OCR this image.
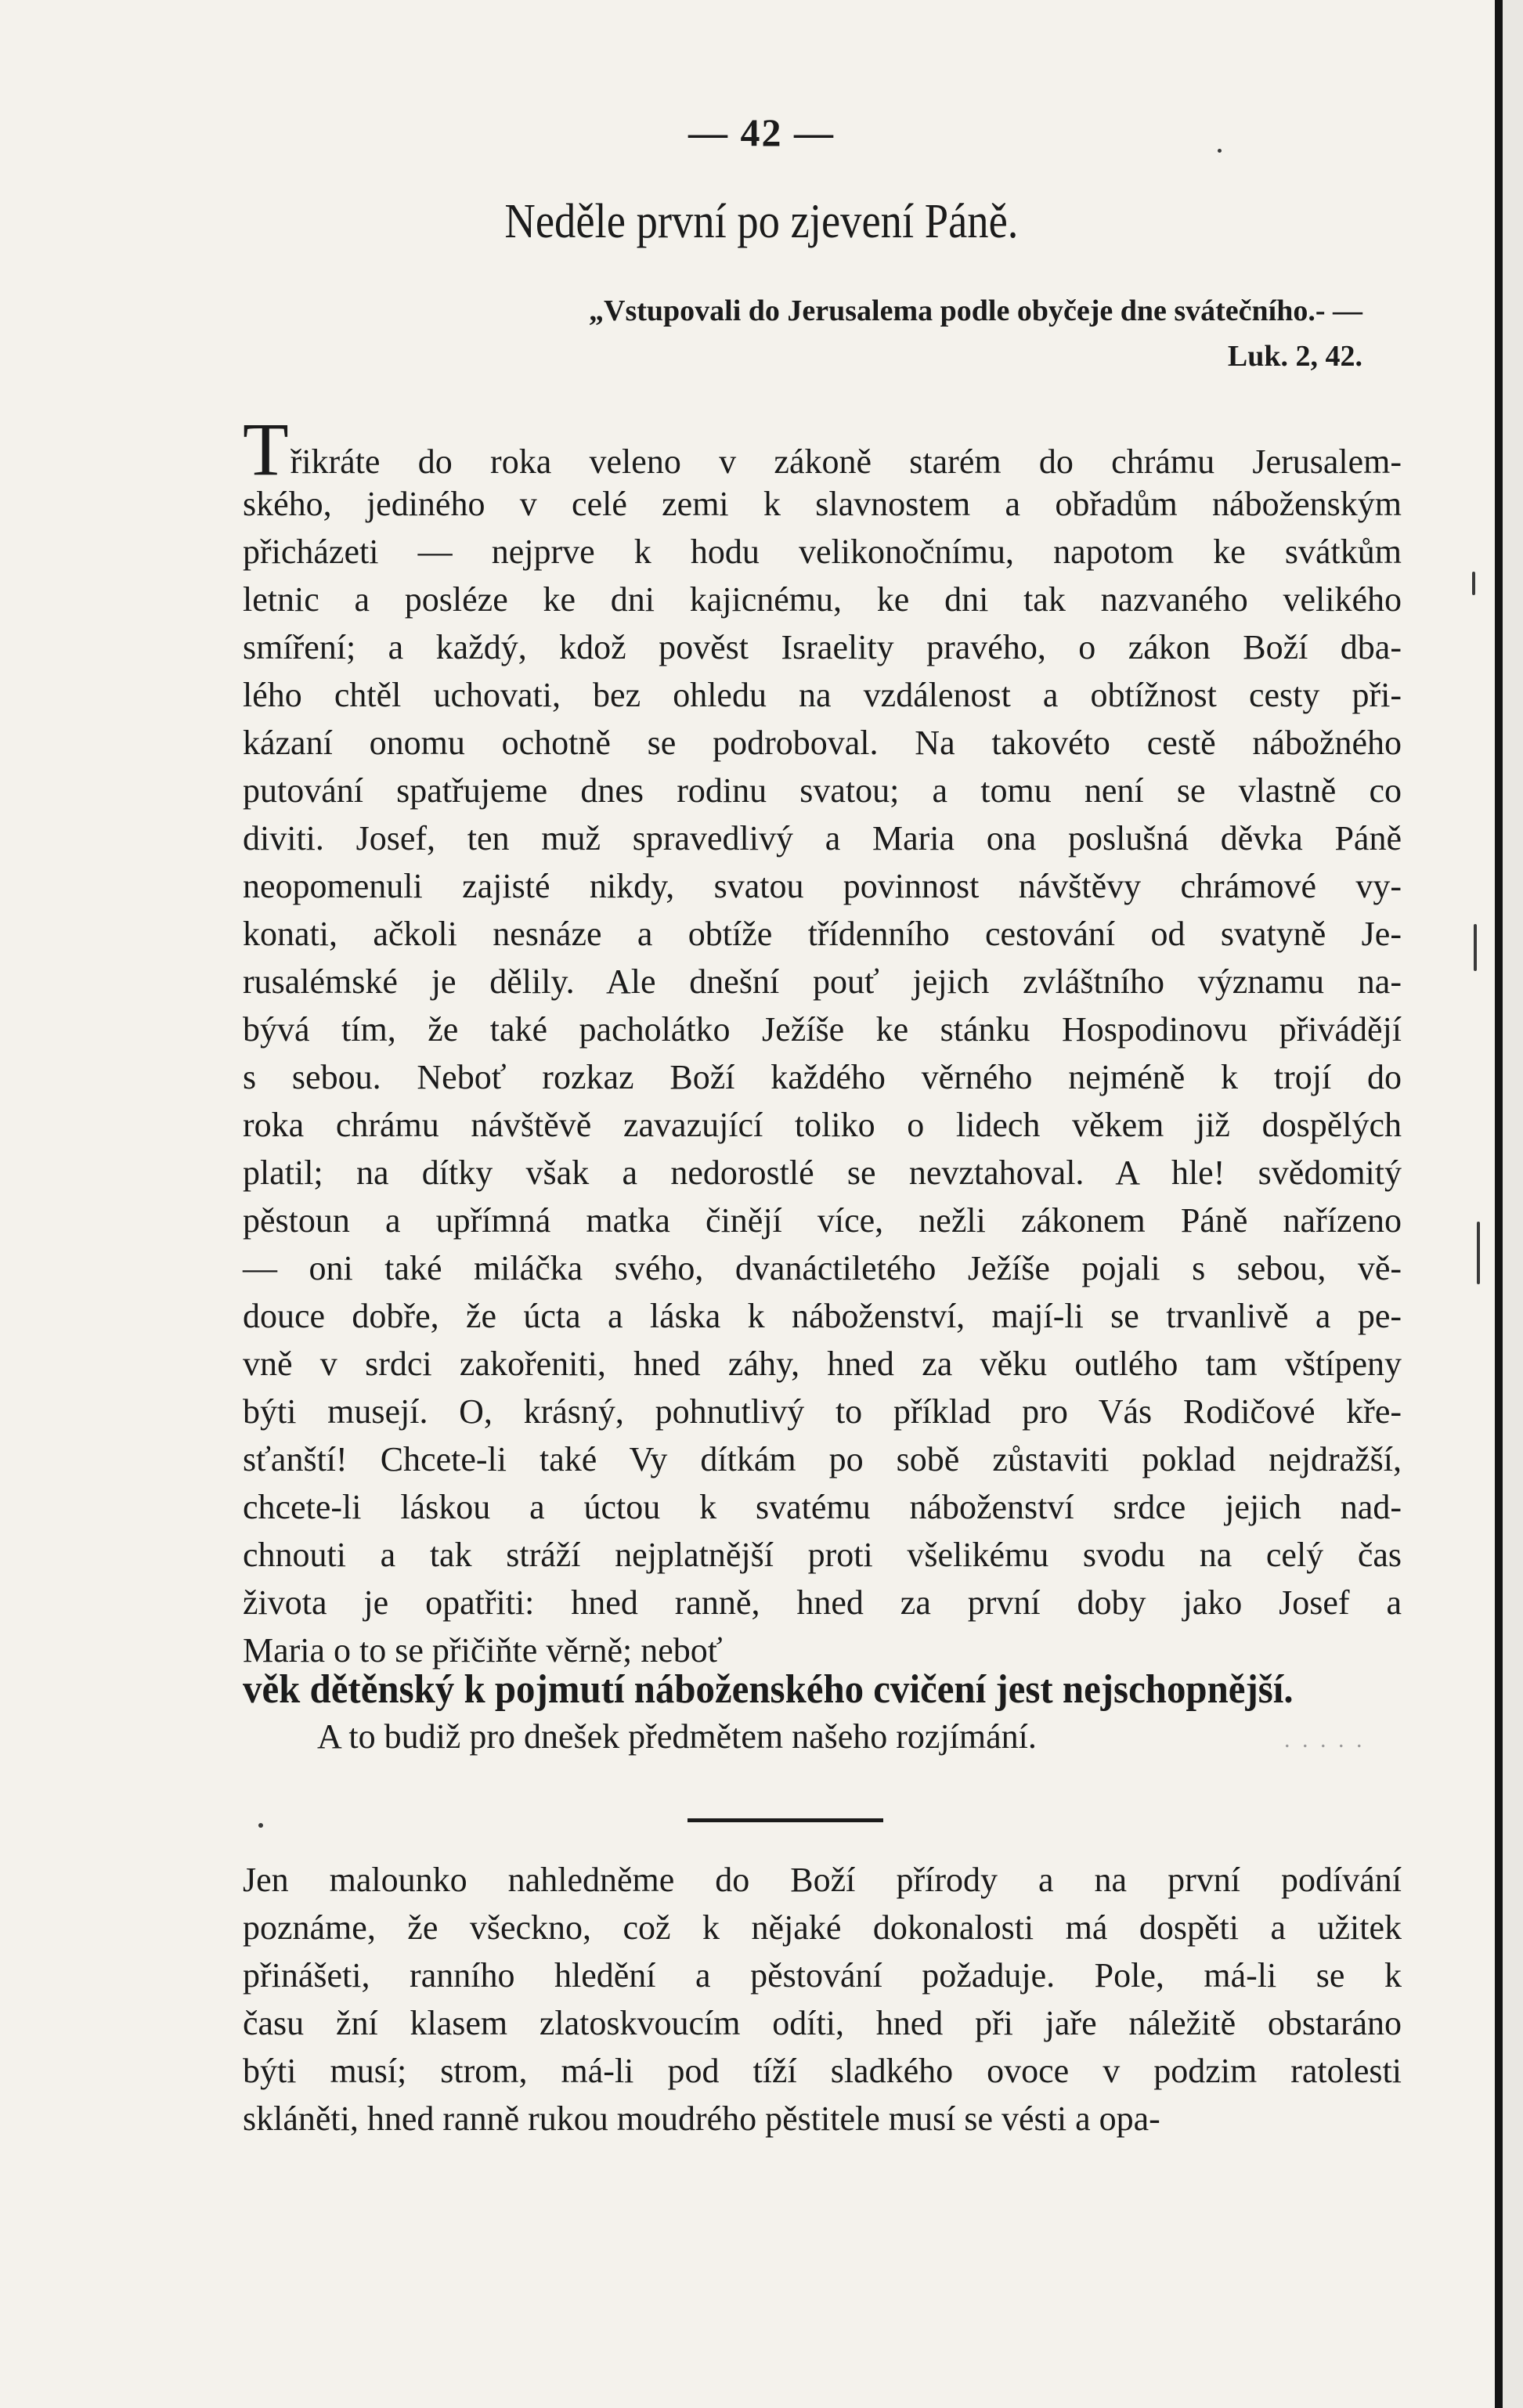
— 42 —
Neděle první po zjevení Páně.
„Vstupovali do Jerusalema podle obyčeje dne svátečního.- —
Luk. 2, 42.
Třikráte do roka veleno v zákoně starém do chrámu Jerusalem-
ského, jediného v celé zemi k slavnostem a obřadům náboženským
přicházeti — nejprve k hodu velikonočnímu, napotom ke svátkům
letnic a posléze ke dni kajicnému, ke dni tak nazvaného velikého
smíření; a každý, kdož pověst Israelity pravého, o zákon Boží dba-
lého chtěl uchovati, bez ohledu na vzdálenost a obtížnost cesty při-
kázaní onomu ochotně se podroboval. Na takovéto cestě nábožného
putování spatřujeme dnes rodinu svatou; a tomu není se vlastně co
diviti. Josef, ten muž spravedlivý a Maria ona poslušná děvka Páně
neopomenuli zajisté nikdy, svatou povinnost návštěvy chrámové vy-
konati, ačkoli nesnáze a obtíže třídenního cestování od svatyně Je-
rusalémské je dělily. Ale dnešní pouť jejich zvláštního významu na-
bývá tím, že také pacholátko Ježíše ke stánku Hospodinovu přivádějí
s sebou. Neboť rozkaz Boží každého věrného nejméně k trojí do
roka chrámu návštěvě zavazující toliko o lidech věkem již dospělých
platil; na dítky však a nedorostlé se nevztahoval. A hle! svědomitý
pěstoun a upřímná matka činějí více, nežli zákonem Páně nařízeno
— oni také miláčka svého, dvanáctiletého Ježíše pojali s sebou, vě-
douce dobře, že úcta a láska k náboženství, mají-li se trvanlivě a pe-
vně v srdci zakořeniti, hned záhy, hned za věku outlého tam vštípeny
býti musejí. O, krásný, pohnutlivý to příklad pro Vás Rodičové kře-
sťanští! Chcete-li také Vy dítkám po sobě zůstaviti poklad nejdražší,
chcete-li láskou a úctou k svatému náboženství srdce jejich nad-
chnouti a tak stráží nejplatnější proti všelikému svodu na celý čas
života je opatřiti: hned ranně, hned za první doby jako Josef a
Maria o to se přičiňte věrně; neboť
věk dětěnský k pojmutí náboženského cvičení jest nejschopnější.
A to budiž pro dnešek předmětem našeho rozjímání.	. . . . .
Jen malounko nahledněme do Boží přírody a na první podívání
poznáme, že všeckno, což k nějaké dokonalosti má dospěti a užitek
přinášeti, ranního hledění a pěstování požaduje. Pole, má-li se k
času žní klasem zlatoskvoucím odíti, hned při jaře náležitě obstaráno
býti musí; strom, má-li pod tíží sladkého ovoce v podzim ratolesti
skláněti, hned ranně rukou moudrého pěstitele musí se vésti a opa-
